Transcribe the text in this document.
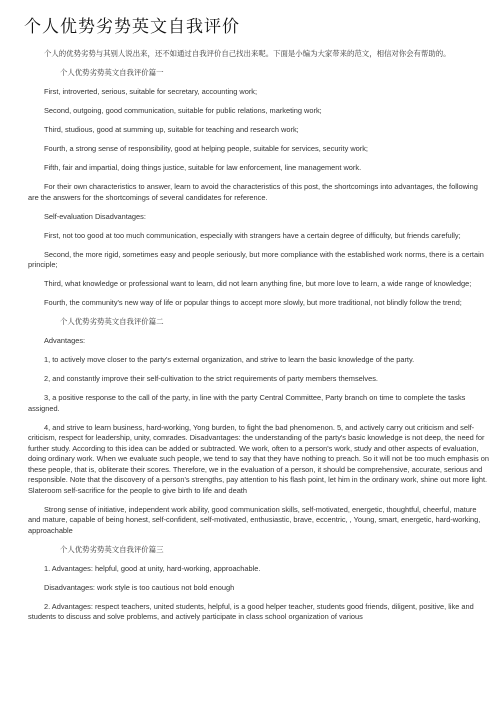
个人优势劣势英文自我评价

个人的优势劣势与其别人说出来，还不如通过自我评价自己找出来呢。下面是小编为大家带来的范文，相信对你会有帮助的。

个人优势劣势英文自我评价篇一

First, introverted, serious, suitable for secretary, accounting work;

Second, outgoing, good communication, suitable for public relations, marketing work;

Third, studious, good at summing up, suitable for teaching and research work;

Fourth, a strong sense of responsibility, good at helping people, suitable for services, security work;

Fifth, fair and impartial, doing things justice, suitable for law enforcement, line management work.

For their own characteristics to answer, learn to avoid the characteristics of this post, the shortcomings into advantages, the following are the answers for the shortcomings of several candidates for reference.

Self-evaluation Disadvantages:

First, not too good at too much communication, especially with strangers have a certain degree of difficulty, but friends carefully;

Second, the more rigid, sometimes easy and people seriously, but more compliance with the established work norms, there is a certain principle;

Third, what knowledge or professional want to learn, did not learn anything fine, but more love to learn, a wide range of knowledge;

Fourth, the community's new way of life or popular things to accept more slowly, but more traditional, not blindly follow the trend;

个人优势劣势英文自我评价篇二

Advantages:

1, to actively move closer to the party's external organization, and strive to learn the basic knowledge of the party.

2, and constantly improve their self-cultivation to the strict requirements of party members themselves.

3, a positive response to the call of the party, in line with the party Central Committee, Party branch on time to complete the tasks assigned.

4, and strive to learn business, hard-working, Yong burden, to fight the bad phenomenon. 5, and actively carry out criticism and self-criticism, respect for leadership, unity, comrades. Disadvantages: the understanding of the party's basic knowledge is not deep, the need for further study. According to this idea can be added or subtracted. We work, often to a person's work, study and other aspects of evaluation, doing ordinary work. When we evaluate such people, we tend to say that they have nothing to preach. So it will not be too much emphasis on these people, that is, obliterate their scores. Therefore, we in the evaluation of a person, it should be comprehensive, accurate, serious and responsible. Note that the discovery of a person's strengths, pay attention to his flash point, let him in the ordinary work, shine out more light. Slateroom self-sacrifice for the people to give birth to life and death

Strong sense of initiative, independent work ability, good communication skills, self-motivated, energetic, thoughtful, cheerful, mature and mature, capable of being honest, self-confident, self-motivated, enthusiastic, brave, eccentric, , Young, smart, energetic, hard-working, approachable

个人优势劣势英文自我评价篇三

1. Advantages: helpful, good at unity, hard-working, approachable.

Disadvantages: work style is too cautious not bold enough

2. Advantages: respect teachers, united students, helpful, is a good helper teacher, students good friends, diligent, positive, like and students to discuss and solve problems, and actively participate in class school organization of various
